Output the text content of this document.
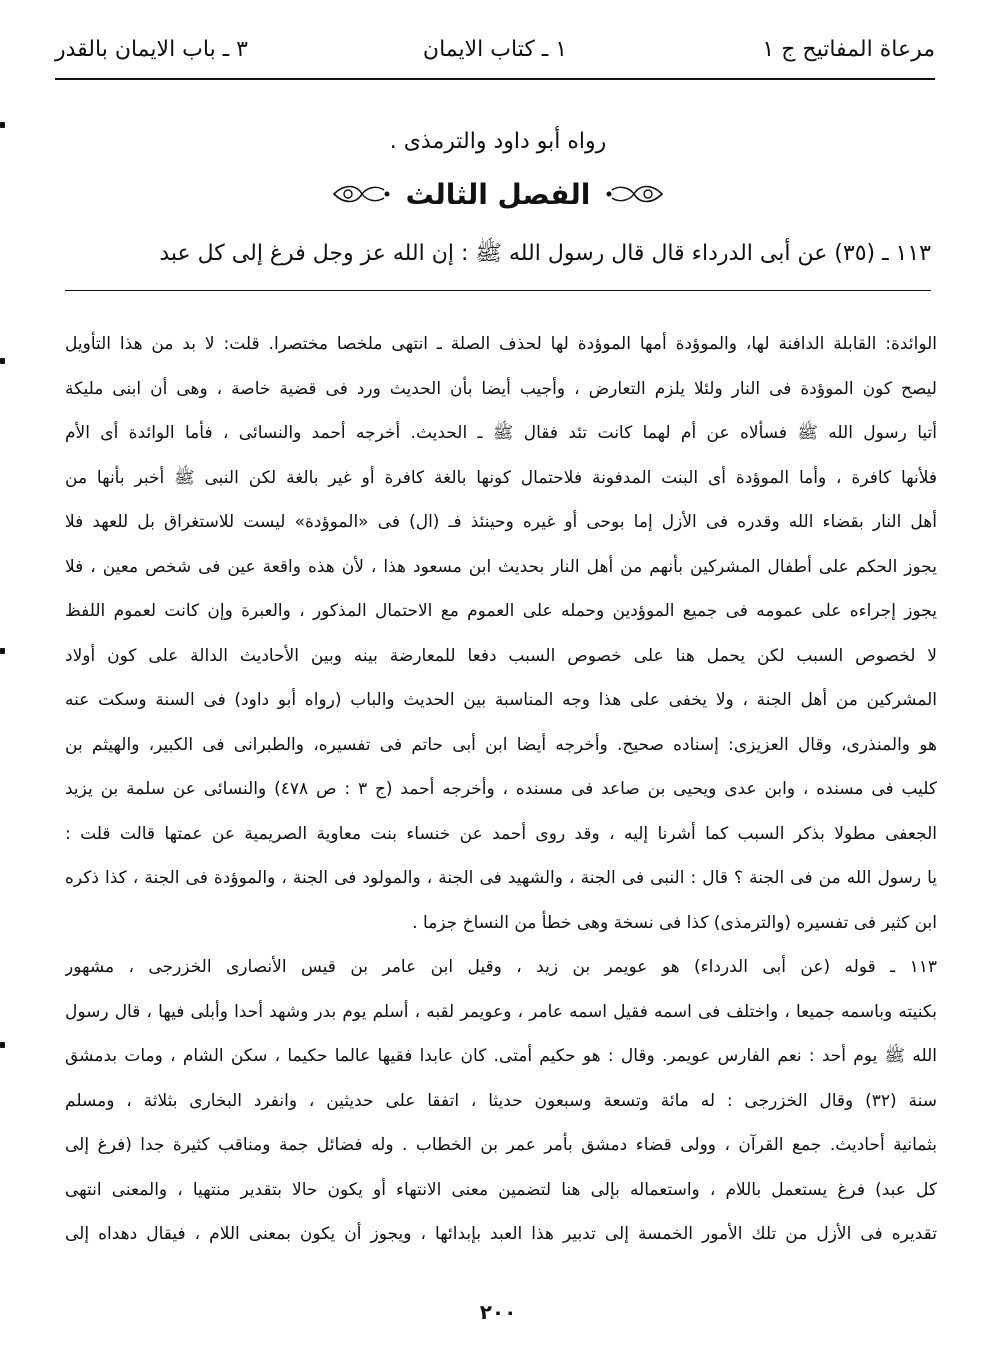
مرعاة المفاتيح ج ١
١ ـ كتاب الايمان
٣ ـ باب الايمان بالقدر
رواه أبو داود والترمذى .
الفصل الثالث
١١٣ ـ (٣٥) عن أبى الدرداء قال قال رسول الله ﷺ : إن الله عز وجل فرغ إلى كل عبد
الوائدة: القابلة الدافنة لها، والموؤدة أمها الموؤدة لها لحذف الصلة ـ انتهى ملخصا مختصرا. قلت: لا بد من هذا التأويل
ليصح كون الموؤدة فى النار ولئلا يلزم التعارض ، وأجيب أيضا بأن الحديث ورد فى قضية خاصة ، وهى أن ابنى مليكة
أتيا رسول الله ﷺ فسألاه عن أم لهما كانت تئد فقال ﷺ ـ الحديث. أخرجه أحمد والنسائى ، فأما الوائدة أى الأم
فلأنها كافرة ، وأما الموؤدة أى البنت المدفونة فلاحتمال كونها بالغة كافرة أو غير بالغة لكن النبى ﷺ أخبر بأنها من
أهل النار بقضاء الله وقدره فى الأزل إما بوحى أو غيره وحينئذ فـ (ال) فى «الموؤدة» ليست للاستغراق بل للعهد فلا
يجوز الحكم على أطفال المشركين بأنهم من أهل النار بحديث ابن مسعود هذا ، لأن هذه واقعة عين فى شخص معين ، فلا
يجوز إجراءه على عمومه فى جميع الموؤدين وحمله على العموم مع الاحتمال المذكور ، والعبرة وإن كانت لعموم اللفظ
لا لخصوص السبب لكن يحمل هنا على خصوص السبب دفعا للمعارضة بينه وبين الأحاديث الدالة على كون أولاد
المشركين من أهل الجنة ، ولا يخفى على هذا وجه المناسبة بين الحديث والباب (رواه أبو داود) فى السنة وسكت عنه
هو والمنذرى، وقال العزيزى: إسناده صحيح. وأخرجه أيضا ابن أبى حاتم فى تفسيره، والطبرانى فى الكبير، والهيثم بن
كليب فى مسنده ، وابن عدى ويحيى بن صاعد فى مسنده ، وأخرجه أحمد (ج ٣ : ص ٤٧٨) والنسائى عن سلمة بن يزيد
الجعفى مطولا بذكر السبب كما أشرنا إليه ، وقد روى أحمد عن خنساء بنت معاوية الصريمية عن عمتها قالت قلت :
يا رسول الله من فى الجنة ؟ قال : النبى فى الجنة ، والشهيد فى الجنة ، والمولود فى الجنة ، والموؤدة فى الجنة ، كذا ذكره
ابن كثير فى تفسيره (والترمذى) كذا فى نسخة وهى خطأ من النساخ جزما .
١١٣ ـ قوله (عن أبى الدرداء) هو عويمر بن زيد ، وقيل ابن عامر بن قيس الأنصارى الخزرجى ، مشهور
بكنيته وباسمه جميعا ، واختلف فى اسمه فقيل اسمه عامر ، وعويمر لقبه ، أسلم يوم بدر وشهد أحدا وأبلى فيها ، قال رسول
الله ﷺ يوم أحد : نعم الفارس عويمر. وقال : هو حكيم أمتى. كان عابدا فقيها عالما حكيما ، سكن الشام ، ومات بدمشق
سنة (٣٢) وقال الخزرجى : له مائة وتسعة وسبعون حديثا ، اتفقا على حديثين ، وانفرد البخارى بثلاثة ، ومسلم
بثمانية أحاديث. جمع القرآن ، وولى قضاء دمشق بأمر عمر بن الخطاب . وله فضائل جمة ومناقب كثيرة جدا (فرغ إلى
كل عبد) فرغ يستعمل باللام ، واستعماله بإلى هنا لتضمين معنى الانتهاء أو يكون حالا بتقدير منتهيا ، والمعنى انتهى
تقديره فى الأزل من تلك الأمور الخمسة إلى تدبير هذا العبد بإبدائها ، ويجوز أن يكون بمعنى اللام ، فيقال دهداه إلى
٢٠٠
